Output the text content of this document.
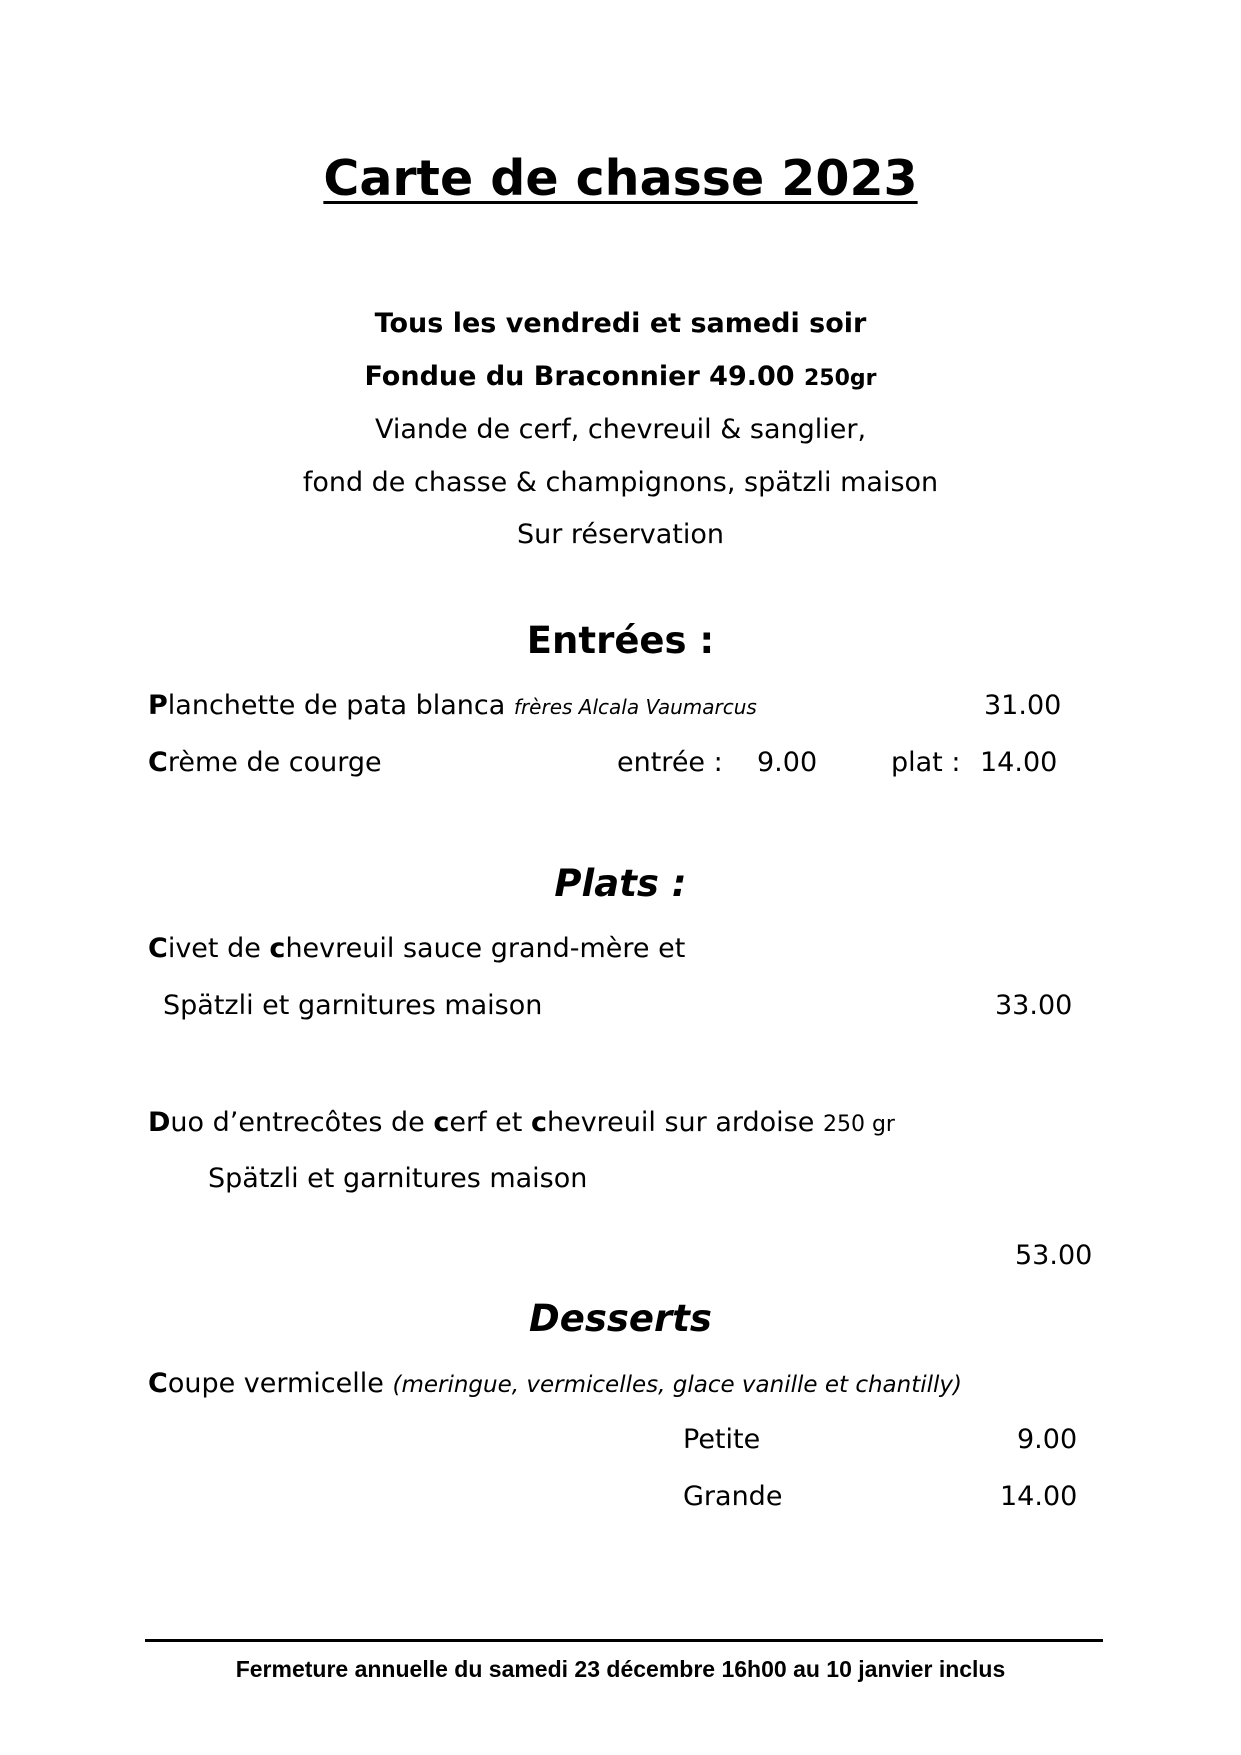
Carte de chasse 2023
Tous les vendredi et samedi soir
Fondue du Braconnier 49.00 250gr
Viande de cerf, chevreuil & sanglier,
fond de chasse & champignons, spätzli maison
Sur réservation
Entrées :
Planchette de pata blanca frères Alcala Vaumarcus	31.00
Crème de courge	entrée : 9.00	plat : 14.00
Plats :
Civet de chevreuil sauce grand-mère et
Spätzli et garnitures maison	33.00
Duo d’entrecôtes de cerf et chevreuil sur ardoise 250 gr
Spätzli et garnitures maison
53.00
Desserts
Coupe vermicelle (meringue, vermicelles, glace vanille et chantilly)
Petite	9.00
Grande	14.00
Fermeture annuelle du samedi 23 décembre 16h00 au 10 janvier inclus
